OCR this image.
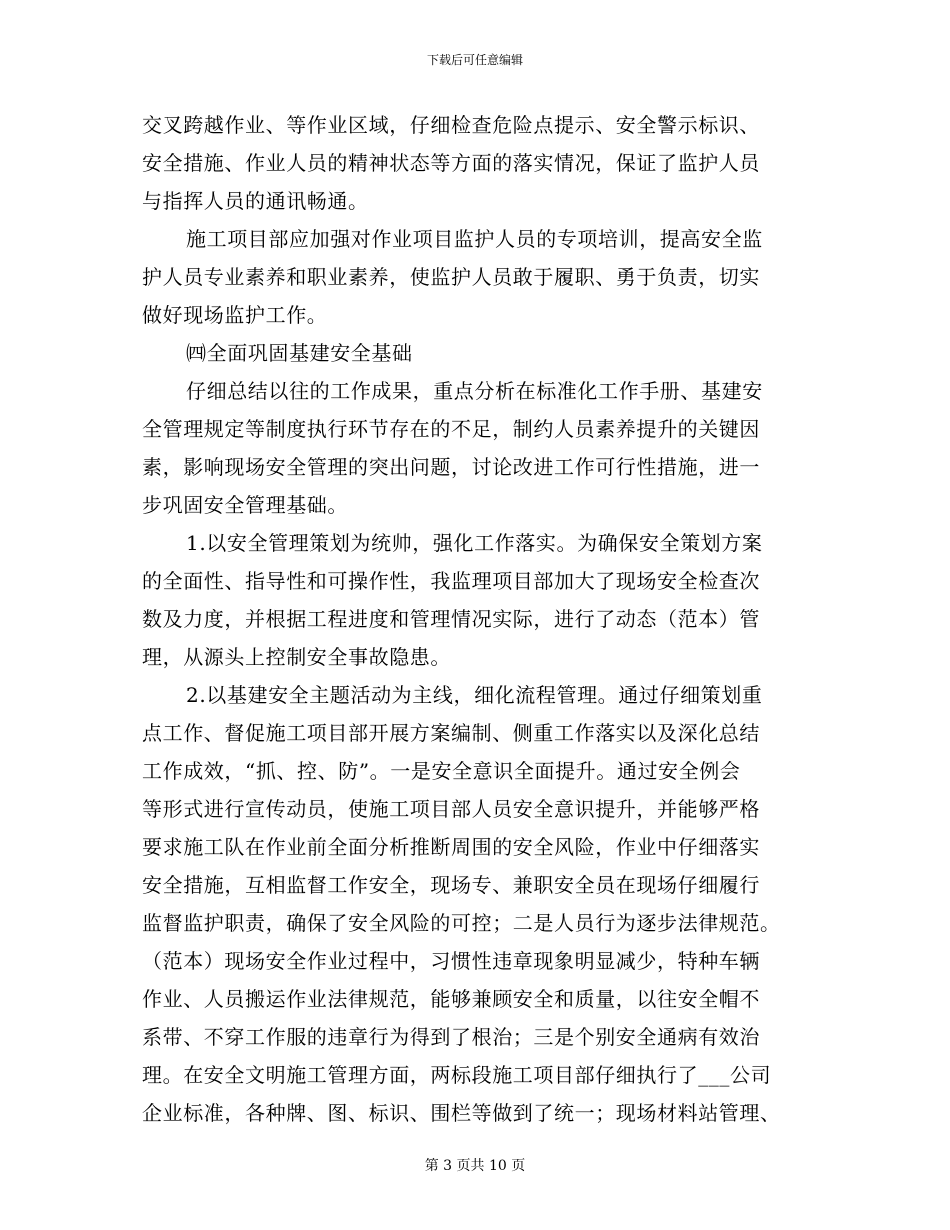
下载后可任意编辑
交叉跨越作业、等作业区域，仔细检查危险点提示、安全警示标识、
安全措施、作业人员的精神状态等方面的落实情况，保证了监护人员
与指挥人员的通讯畅通。
施工项目部应加强对作业项目监护人员的专项培训，提高安全监
护人员专业素养和职业素养，使监护人员敢于履职、勇于负责，切实
做好现场监护工作。
㈣全面巩固基建安全基础
仔细总结以往的工作成果，重点分析在标准化工作手册、基建安
全管理规定等制度执行环节存在的不足，制约人员素养提升的关键因
素，影响现场安全管理的突出问题，讨论改进工作可行性措施，进一
步巩固安全管理基础。
1.以安全管理策划为统帅，强化工作落实。为确保安全策划方案
的全面性、指导性和可操作性，我监理项目部加大了现场安全检查次
数及力度，并根据工程进度和管理情况实际，进行了动态（范本）管
理，从源头上控制安全事故隐患。
2.以基建安全主题活动为主线，细化流程管理。通过仔细策划重
点工作、督促施工项目部开展方案编制、侧重工作落实以及深化总结
工作成效，“抓、控、防”。一是安全意识全面提升。通过安全例会
等形式进行宣传动员，使施工项目部人员安全意识提升，并能够严格
要求施工队在作业前全面分析推断周围的安全风险，作业中仔细落实
安全措施，互相监督工作安全，现场专、兼职安全员在现场仔细履行
监督监护职责，确保了安全风险的可控；二是人员行为逐步法律规范。
（范本）现场安全作业过程中，习惯性违章现象明显减少，特种车辆
作业、人员搬运作业法律规范，能够兼顾安全和质量，以往安全帽不
系带、不穿工作服的违章行为得到了根治；三是个别安全通病有效治
理。在安全文明施工管理方面，两标段施工项目部仔细执行了___公司
企业标准，各种牌、图、标识、围栏等做到了统一；现场材料站管理、
第 3 页共 10 页
